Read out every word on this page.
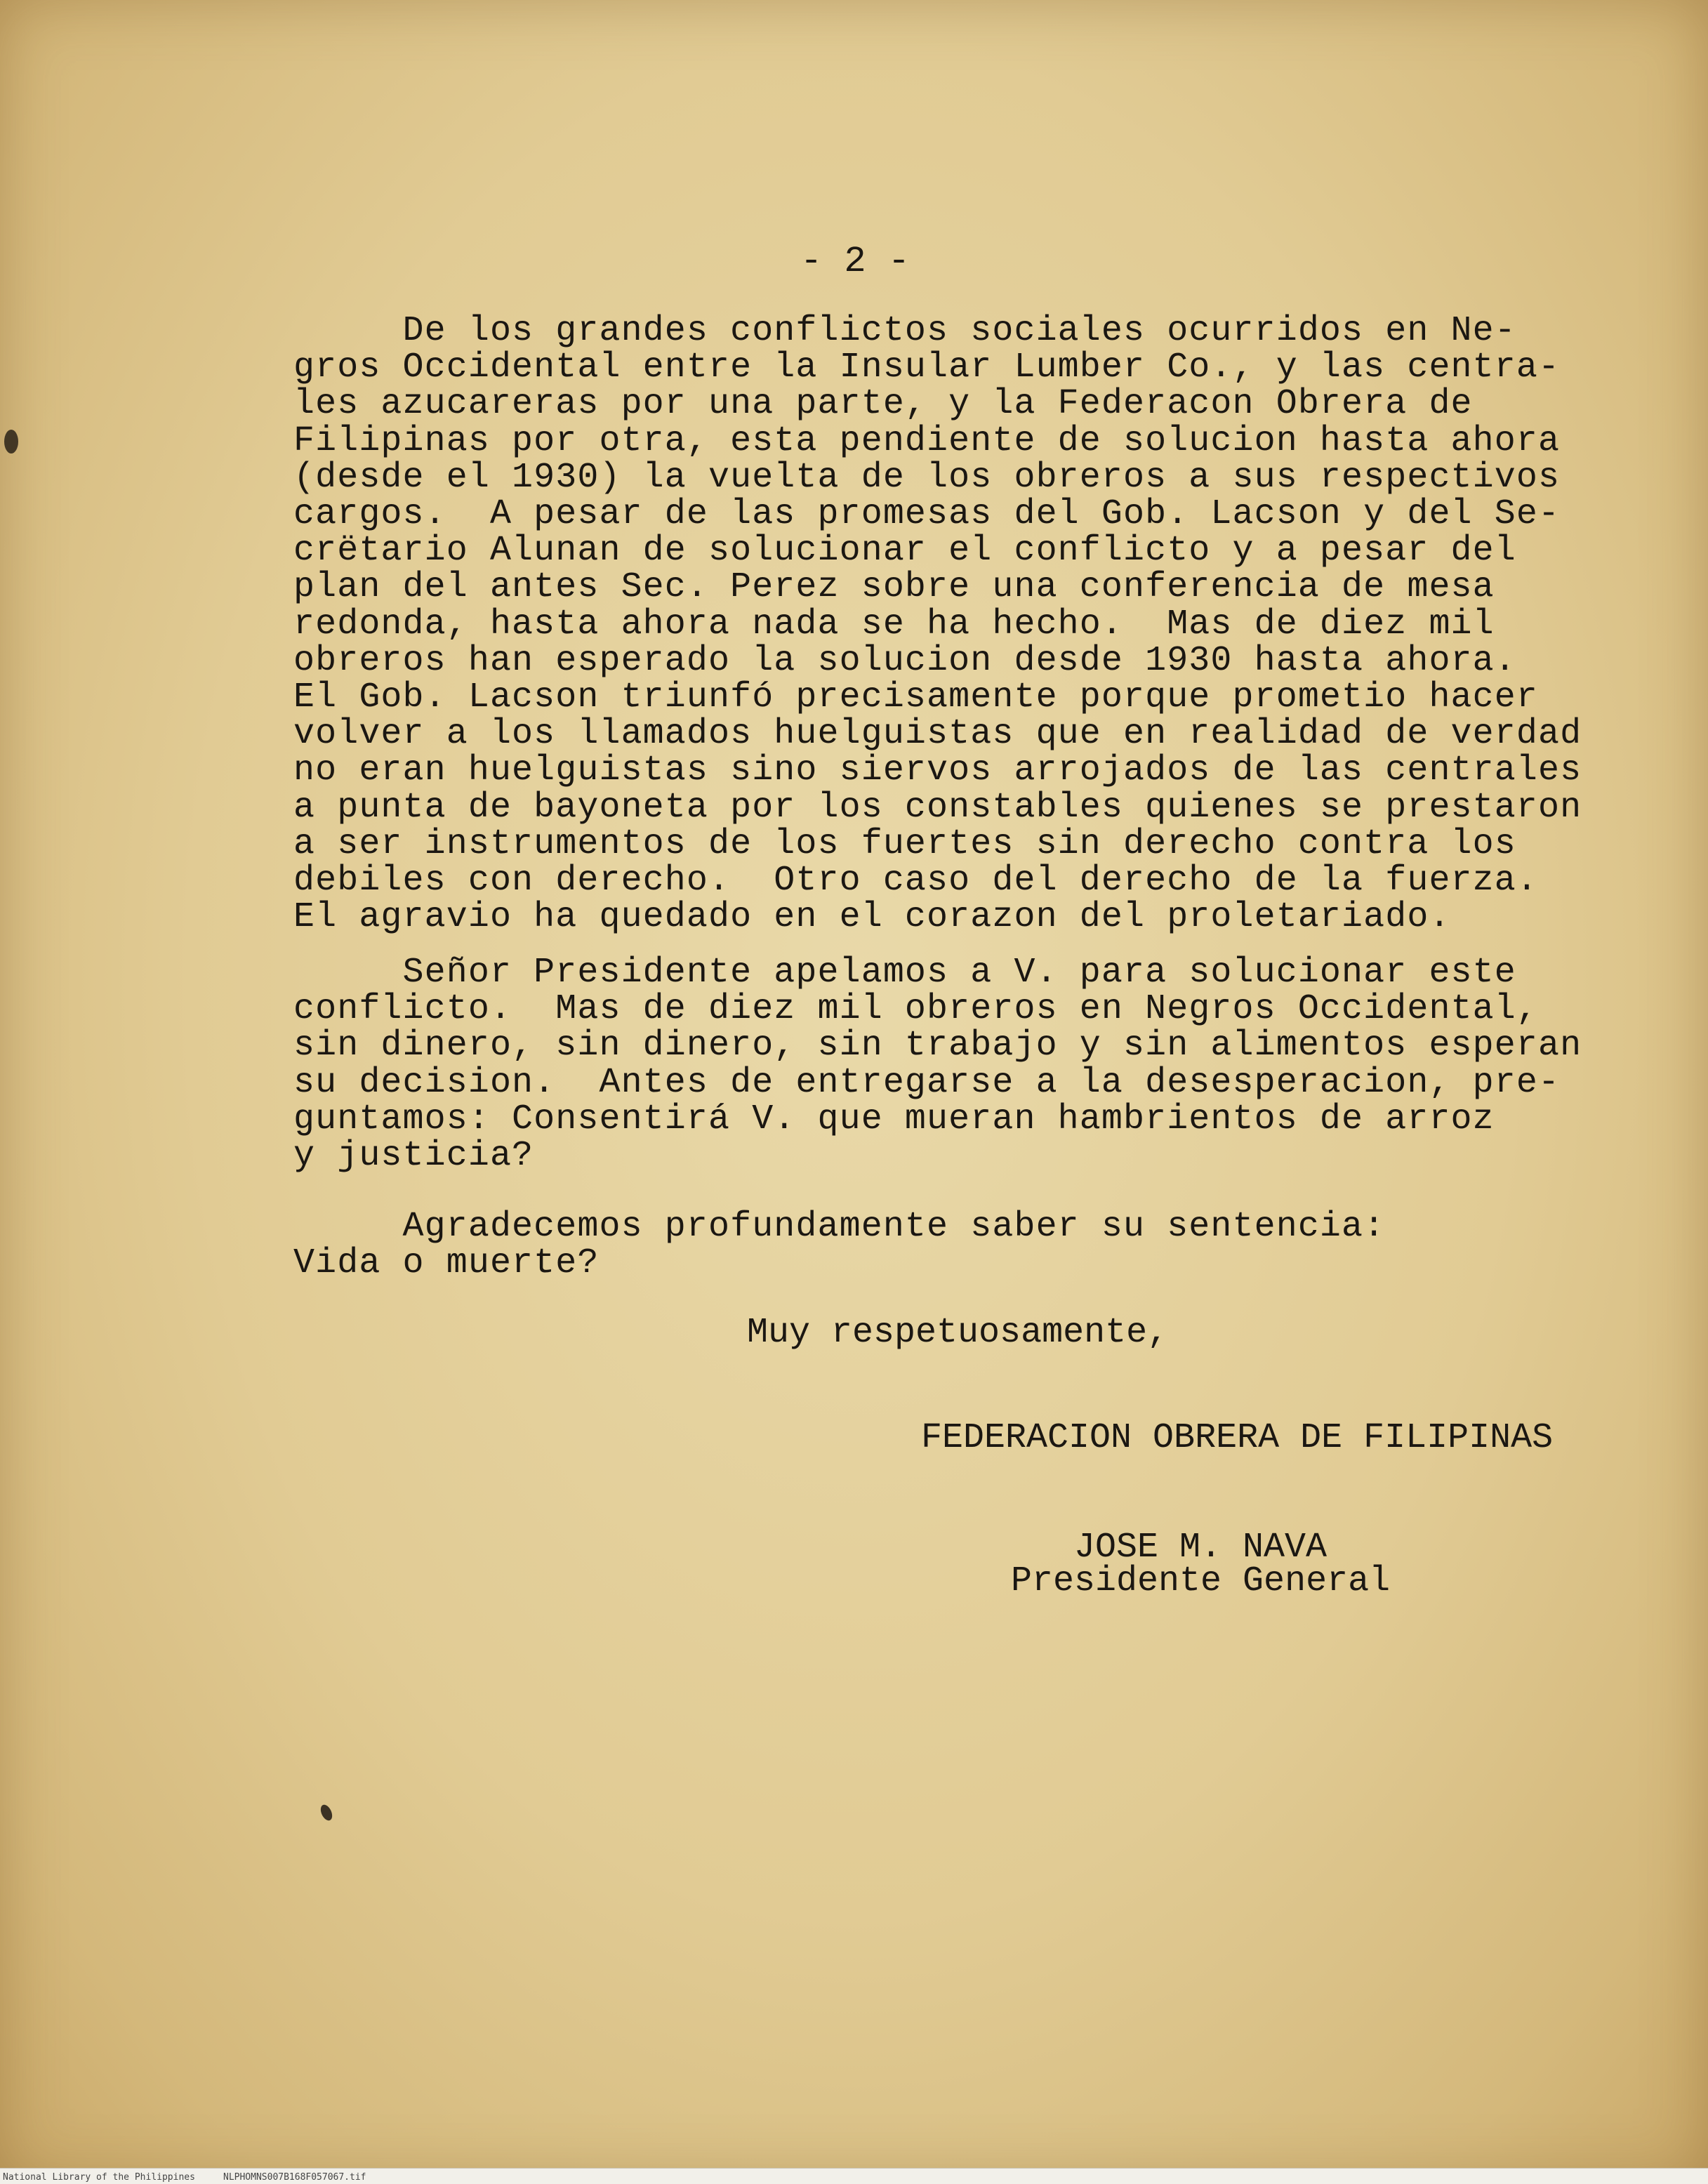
- 2 -
De los grandes conflictos sociales ocurridos en Ne-
gros Occidental entre la Insular Lumber Co., y las centra-
les azucareras por una parte, y la Federacon Obrera de
Filipinas por otra, esta pendiente de solucion hasta ahora
(desde el 1930) la vuelta de los obreros a sus respectivos
cargos.  A pesar de las promesas del Gob. Lacson y del Se-
crëtario Alunan de solucionar el conflicto y a pesar del
plan del antes Sec. Perez sobre una conferencia de mesa
redonda, hasta ahora nada se ha hecho.  Mas de diez mil
obreros han esperado la solucion desde 1930 hasta ahora.
El Gob. Lacson triunfó precisamente porque prometio hacer
volver a los llamados huelguistas que en realidad de verdad
no eran huelguistas sino siervos arrojados de las centrales
a punta de bayoneta por los constables quienes se prestaron
a ser instrumentos de los fuertes sin derecho contra los
debiles con derecho.  Otro caso del derecho de la fuerza.
El agravio ha quedado en el corazon del proletariado.
Señor Presidente apelamos a V. para solucionar este
conflicto.  Mas de diez mil obreros en Negros Occidental,
sin dinero, sin dinero, sin trabajo y sin alimentos esperan
su decision.  Antes de entregarse a la desesperacion, pre-
guntamos: Consentirá V. que mueran hambrientos de arroz
y justicia?
Agradecemos profundamente saber su sentencia:
Vida o muerte?
Muy respetuosamente,
FEDERACION OBRERA DE FILIPINAS
JOSE M. NAVA
Presidente General
National Library of the Philippines	NLPHOMNS007B168F057067.tif
